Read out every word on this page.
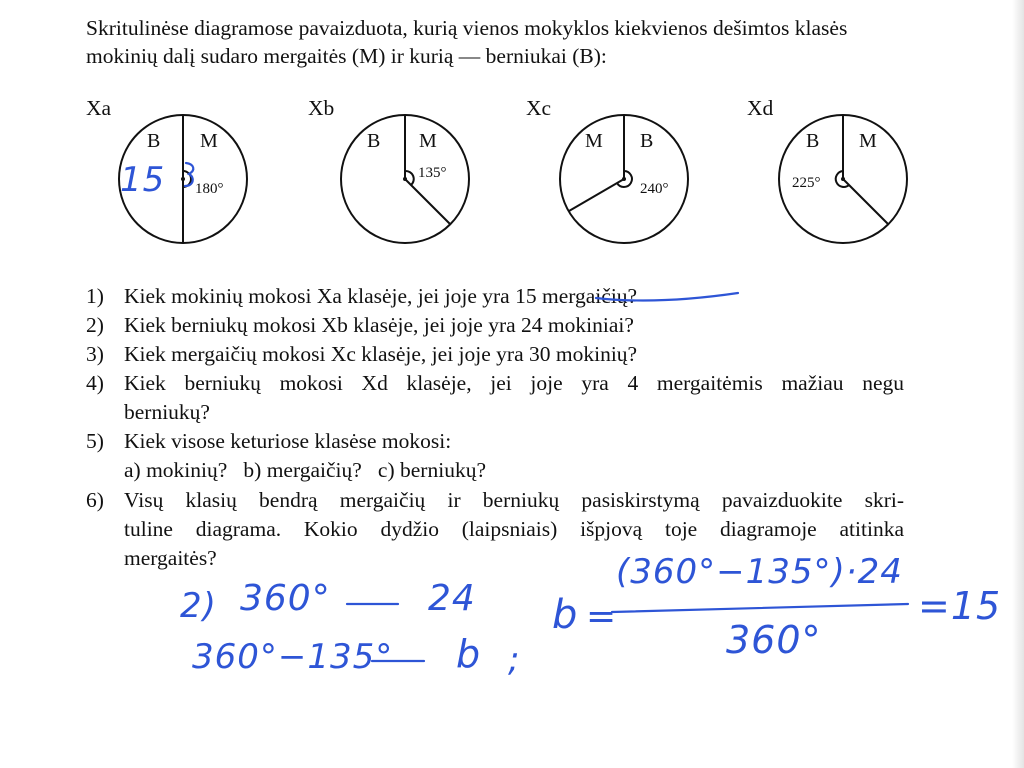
Skritulinėse diagramose pavaizduota, kurią vienos mokyklos kiekvienos dešimtos klasės mokinių dalį sudaro mergaitės (M) ir kurią — berniukai (B):

Xa	Xb	Xc	Xd
B M
180°
B M
135°
M B
240°
B M
225°
1) Kiek mokinių mokosi Xa klasėje, jei joje yra 15 mergaičių?
2) Kiek berniukų mokosi Xb klasėje, jei joje yra 24 mokiniai?
3) Kiek mergaičių mokosi Xc klasėje, jei joje yra 30 mokinių?
4) Kiek berniukų mokosi Xd klasėje, jei joje yra 4 mergaitėmis mažiau negu
berniukų?
5) Kiek visose keturiose klasėse mokosi:
a) mokinių?   b) mergaičių?   c) berniukų?
6) Visų klasių bendrą mergaičių ir berniukų pasiskirstymą pavaizduokite skri-
tuline diagrama. Kokio dydžio (laipsniais) išpjovą toje diagramoje atitinka
mergaitės?
15
2) 360°	24
360°−135° b ;
b =
(360°−135°)·24
360°
=15
